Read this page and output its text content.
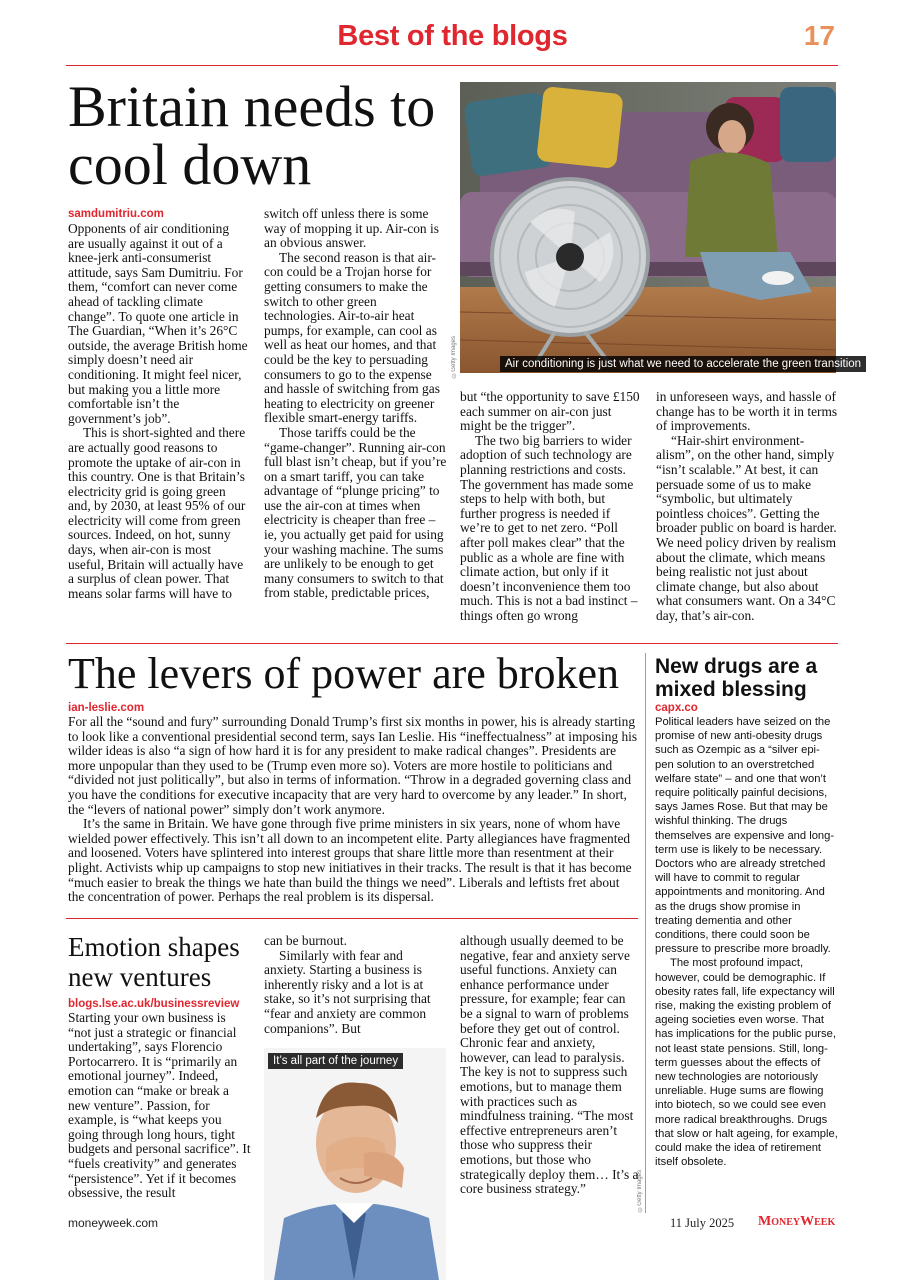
Best of the blogs	17
Britain needs to cool down
Air conditioning is just what we need to accelerate the green transition
©Getty Images
samdumitriu.com

Opponents of air conditioning are usually against it out of a knee-jerk anti-consumerist attitude, says Sam Dumitriu. For them, “comfort can never come ahead of tackling climate change”. To quote one article in The Guardian, “When it’s 26°C outside, the average British home simply doesn’t need air conditioning. It might feel nicer, but making you a little more comfortable isn’t the government’s job”.

This is short-sighted and there are actually good reasons to promote the uptake of air-con in this country. One is that Britain’s electricity grid is going green and, by 2030, at least 95% of our electricity will come from green sources. Indeed, on hot, sunny days, when air-con is most useful, Britain will actually have a surplus of clean power. That means solar farms will have to

switch off unless there is some way of mopping it up. Air-con is an obvious answer.

The second reason is that air-con could be a Trojan horse for getting consumers to make the switch to other green technologies. Air-to-air heat pumps, for example, can cool as well as heat our homes, and that could be the key to persuading consumers to go to the expense and hassle of switching from gas heating to electricity on greener flexible smart-energy tariffs.

Those tariffs could be the “game-changer”. Running air-con full blast isn’t cheap, but if you’re on a smart tariff, you can take advantage of “plunge pricing” to use the air-con at times when electricity is cheaper than free – ie, you actually get paid for using your washing machine. The sums are unlikely to be enough to get many consumers to switch to that from stable, predictable prices,

but “the opportunity to save £150 each summer on air-con just might be the trigger”.

The two big barriers to wider adoption of such technology are planning restrictions and costs. The government has made some steps to help with both, but further progress is needed if we’re to get to net zero. “Poll after poll makes clear” that the public as a whole are fine with climate action, but only if it doesn’t inconvenience them too much. This is not a bad instinct – things often go wrong

in unforeseen ways, and hassle of change has to be worth it in terms of improvements.

“Hair-shirt environment-alism”, on the other hand, simply “isn’t scalable.” At best, it can persuade some of us to make “symbolic, but ultimately pointless choices”. Getting the broader public on board is harder. We need policy driven by realism about the climate, which means being realistic not just about climate change, but also about what consumers want. On a 34°C day, that’s air-con.

The levers of power are broken
ian-leslie.com

For all the “sound and fury” surrounding Donald Trump’s first six months in power, his is already starting to look like a conventional presidential second term, says Ian Leslie. His “ineffectualness” at imposing his wilder ideas is also “a sign of how hard it is for any president to make radical changes”. Presidents are more unpopular than they used to be (Trump even more so). Voters are more hostile to politicians and “divided not just politically”, but also in terms of information. “Throw in a degraded governing class and you have the conditions for executive incapacity that are very hard to overcome by any leader.” In short, the “levers of national power” simply don’t work anymore.

It’s the same in Britain. We have gone through five prime ministers in six years, none of whom have wielded power effectively. This isn’t all down to an incompetent elite. Party allegiances have fragmented and loosened. Voters have splintered into interest groups that share little more than resentment at their plight. Activists whip up campaigns to stop new initiatives in their tracks. The result is that it has become “much easier to break the things we hate than build the things we need”. Liberals and leftists fret about the concentration of power. Perhaps the real problem is its dispersal.

New drugs are a mixed blessing
capx.co

Political leaders have seized on the promise of new anti-obesity drugs such as Ozempic as a “silver epi-pen solution to an overstretched welfare state” – and one that won’t require politically painful decisions, says James Rose. But that may be wishful thinking. The drugs themselves are expensive and long-term use is likely to be necessary. Doctors who are already stretched will have to commit to regular appointments and monitoring. And as the drugs show promise in treating dementia and other conditions, there could soon be pressure to prescribe more broadly.

The most profound impact, however, could be demographic. If obesity rates fall, life expectancy will rise, making the existing problem of ageing societies even worse. That has implications for the public purse, not least state pensions. Still, long-term guesses about the effects of new technologies are notoriously unreliable. Huge sums are flowing into biotech, so we could see even more radical breakthroughs. Drugs that slow or halt ageing, for example, could make the idea of retirement itself obsolete.

Emotion shapes new ventures
blogs.lse.ac.uk/businessreview

Starting your own business is “not just a strategic or financial undertaking”, says Florencio Portocarrero. It is “primarily an emotional journey”. Indeed, emotion can “make or break a new venture”. Passion, for example, is “what keeps you going through long hours, tight budgets and personal sacrifice”. It “fuels creativity” and generates “persistence”. Yet if it becomes obsessive, the result

can be burnout.

Similarly with fear and anxiety. Starting a business is inherently risky and a lot is at stake, so it’s not surprising that “fear and anxiety are common companions”. But

It’s all part of the journey

although usually deemed to be negative, fear and anxiety serve useful functions. Anxiety can enhance performance under pressure, for example; fear can be a signal to warn of problems before they get out of control. Chronic fear and anxiety, however, can lead to paralysis. The key is not to suppress such emotions, but to manage them with practices such as mindfulness training. “The most effective entrepreneurs aren’t those who suppress their emotions, but those who strategically deploy them… It’s a core business strategy.”	©Getty Images
moneyweek.com	11 July 2025 MoneyWeek
